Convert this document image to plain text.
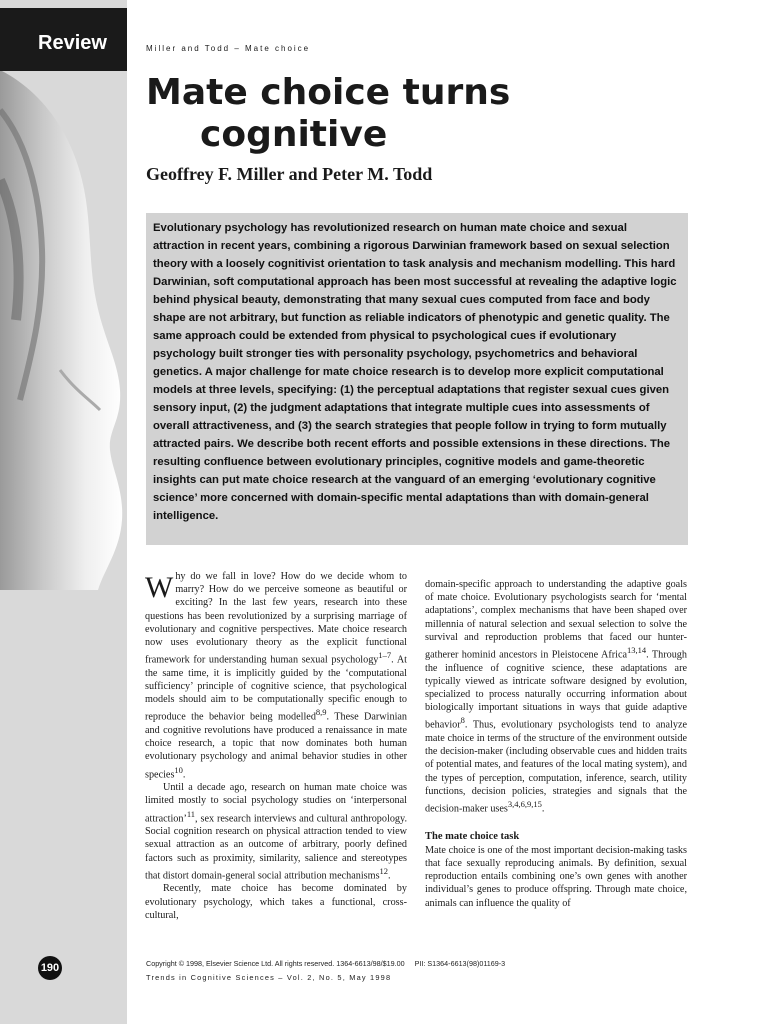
Review
190
Miller and Todd – Mate choice
Mate choice turns
cognitive
Geoffrey F. Miller and Peter M. Todd
Evolutionary psychology has revolutionized research on human mate choice and sexual attraction in recent years, combining a rigorous Darwinian framework based on sexual selection theory with a loosely cognitivist orientation to task analysis and mechanism modelling. This hard Darwinian, soft computational approach has been most successful at revealing the adaptive logic behind physical beauty, demonstrating that many sexual cues computed from face and body shape are not arbitrary, but function as reliable indicators of phenotypic and genetic quality. The same approach could be extended from physical to psychological cues if evolutionary psychology built stronger ties with personality psychology, psychometrics and behavioral genetics. A major challenge for mate choice research is to develop more explicit computational models at three levels, specifying: (1) the perceptual adaptations that register sexual cues given sensory input, (2) the judgment adaptations that integrate multiple cues into assessments of overall attractiveness, and (3) the search strategies that people follow in trying to form mutually attracted pairs. We describe both recent efforts and possible extensions in these directions. The resulting confluence between evolutionary principles, cognitive models and game-theoretic insights can put mate choice research at the vanguard of an emerging ‘evolutionary cognitive science’ more concerned with domain-specific mental adaptations than with domain-general intelligence.

Why do we fall in love? How do we decide whom to marry? How do we perceive someone as beautiful or exciting? In the last few years, research into these questions has been revolutionized by a surprising marriage of evolutionary and cognitive perspectives. Mate choice research now uses evolutionary theory as the explicit functional framework for understanding human sexual psychology$^{1-7}$. At the same time, it is implicitly guided by the ‘computational sufficiency’ principle of cognitive science, that psychological models should aim to be computationally specific enough to reproduce the behavior being modelled$^{8,9}$. These Darwinian and cognitive revolutions have produced a renaissance in mate choice research, a topic that now dominates both human evolutionary psychology and animal behavior studies in other species$^{10}$.

Until a decade ago, research on human mate choice was limited mostly to social psychology studies on ‘interpersonal attraction’$^{11}$, sex research interviews and cultural anthropology. Social cognition research on physical attraction tended to view sexual attraction as an outcome of arbitrary, poorly defined factors such as proximity, similarity, salience and stereotypes that distort domain-general social attribution mechanisms$^{12}$.

Recently, mate choice has become dominated by evolutionary psychology, which takes a functional, cross-cultural,

domain-specific approach to understanding the adaptive goals of mate choice. Evolutionary psychologists search for ‘mental adaptations’, complex mechanisms that have been shaped over millennia of natural selection and sexual selection to solve the survival and reproduction problems that faced our hunter-gatherer hominid ancestors in Pleistocene Africa$^{13,14}$. Through the influence of cognitive science, these adaptations are typically viewed as intricate software designed by evolution, specialized to process naturally occurring information about biologically important situations in ways that guide adaptive behavior$^8$. Thus, evolutionary psychologists tend to analyze mate choice in terms of the structure of the environment outside the decision-maker (including observable cues and hidden traits of potential mates, and features of the local mating system), and the types of perception, computation, inference, search, utility functions, decision policies, strategies and signals that the decision-maker uses$^{3,4,6,9,15}$.

The mate choice task

Mate choice is one of the most important decision-making tasks that face sexually reproducing animals. By definition, sexual reproduction entails combining one’s own genes with another individual’s genes to produce offspring. Through mate choice, animals can influence the quality of

Copyright © 1998, Elsevier Science Ltd. All rights reserved. 1364-6613/98/$19.00 PII: S1364-6613(98)01169-3
Trends in Cognitive Sciences – Vol. 2, No. 5, May 1998
